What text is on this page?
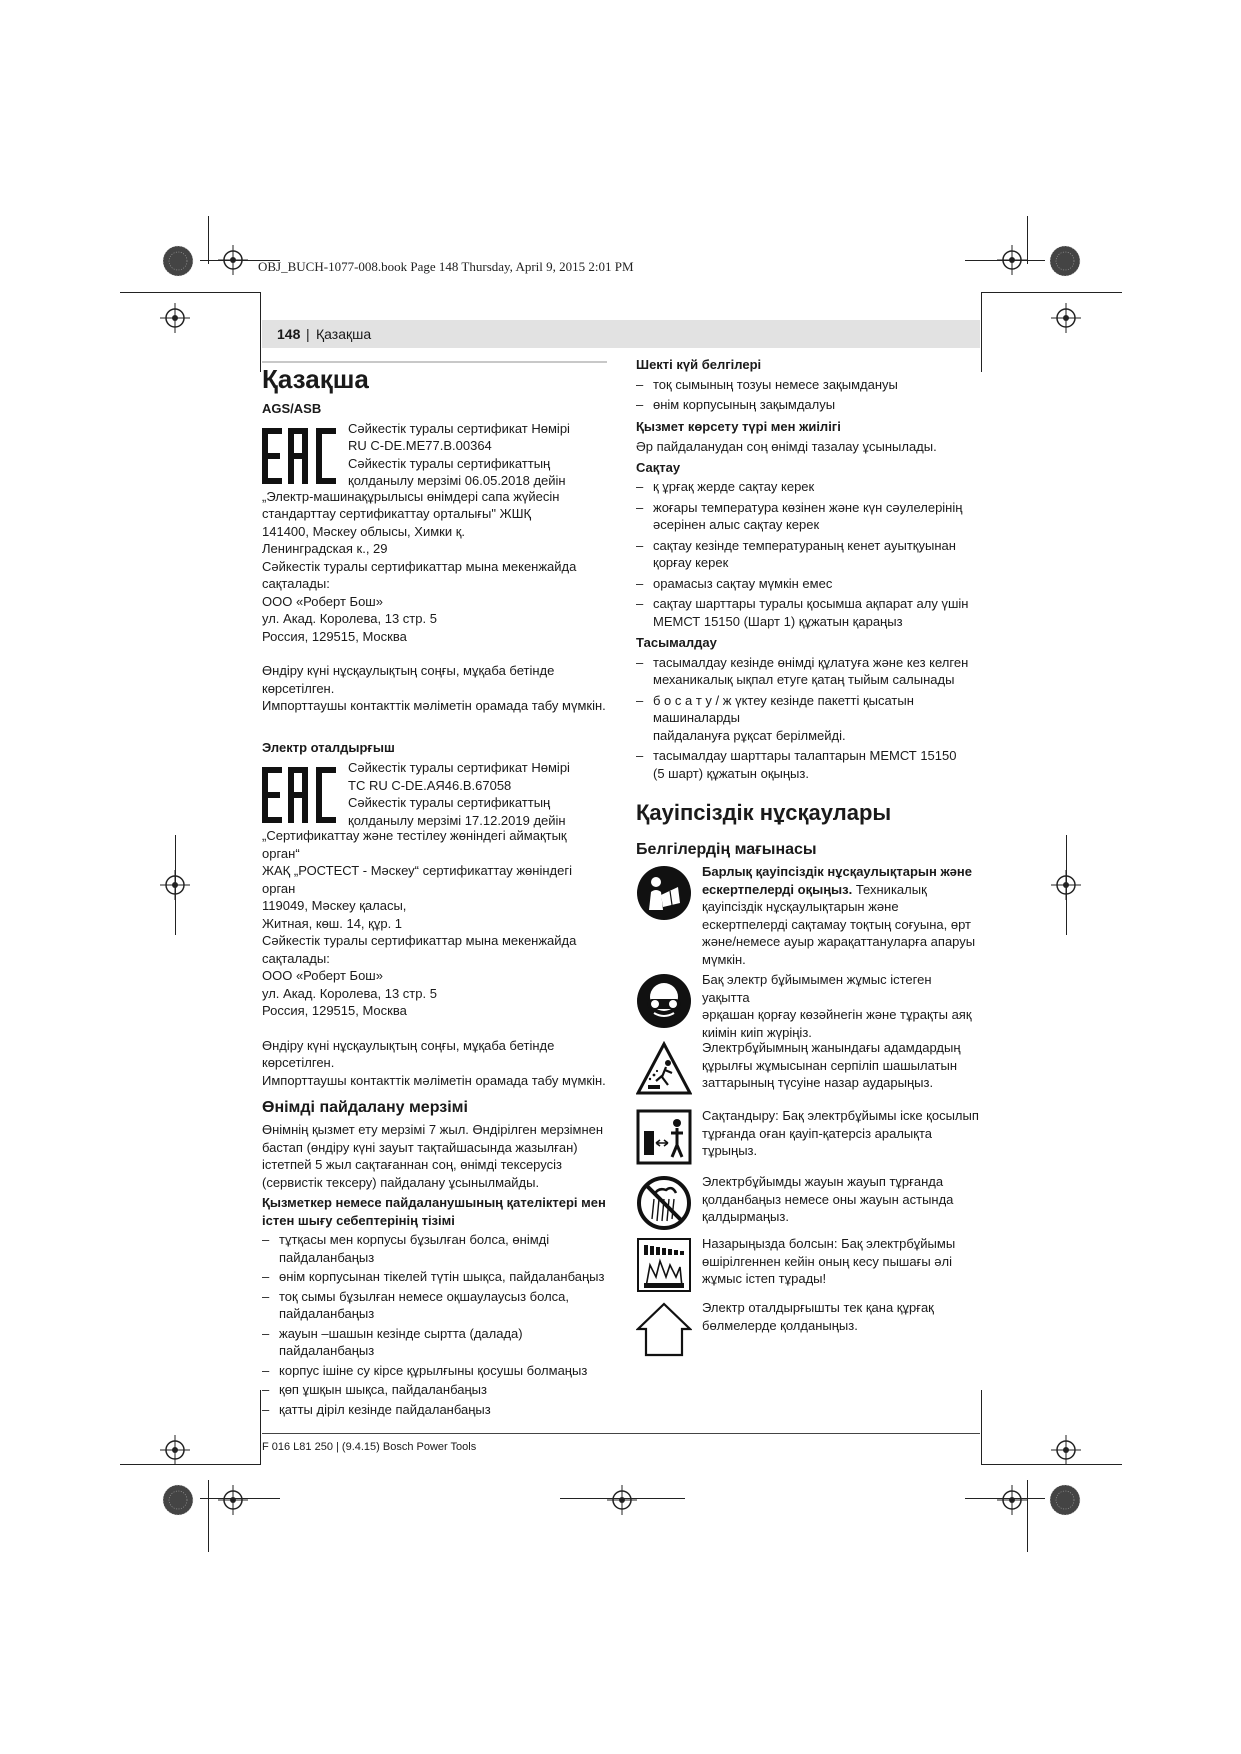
OBJ_BUCH-1077-008.book Page 148 Thursday, April 9, 2015 2:01 PM
148 | Қазақша
Қазақша

AGS/ASB

Сәйкестік туралы сертификат Нөмірі

RU C-DE.ME77.B.00364

Сәйкестік туралы сертификаттың

қолданылу мерзімі 06.05.2018 дейін

„Электр-машинақұрылысы өнімдері сапа жүйесін

стандарттау сертификаттау орталығы" ЖШҚ

141400, Мәскеу облысы, Химки қ.

Ленинградская к., 29

Сәйкестік туралы сертификаттар мына мекенжайда

сақталады:

ООО «Роберт Бош»

ул. Акад. Королева, 13 стр. 5

Россия, 129515, Москва

Өндіру күні нұсқаулықтың соңғы, мұқаба бетінде

көрсетілген.

Импорттаушы контакттік мәліметін орамада табу мүмкін.

Электр оталдырғыш

Сәйкестік туралы сертификат Нөмірі

TC RU C-DE.AЯ46.B.67058

Сәйкестік туралы сертификаттың

қолданылу мерзімі 17.12.2019 дейін

„Сертификаттау және тестілеу жөніндегі аймақтық орган“

ЖАҚ „РОСТЕСТ - Мәскеу“ сертификаттау жөніндегі орган

119049, Мәскеу қаласы,

Житная, көш. 14, құр. 1

Сәйкестік туралы сертификаттар мына мекенжайда

сақталады:

ООО «Роберт Бош»

ул. Акад. Королева, 13 стр. 5

Россия, 129515, Москва

Өндіру күні нұсқаулықтың соңғы, мұқаба бетінде

көрсетілген.

Импорттаушы контакттік мәліметін орамада табу мүмкін.

Өнімді пайдалану мерзімі

Өнімнің қызмет ету мерзімі 7 жыл. Өндірілген мерзімнен

бастап (өндіру күні зауыт тақтайшасында жазылған)

істетпей 5 жыл сақтағаннан соң, өнімді тексерусіз

(сервистік тексеру) пайдалану ұсынылмайды.

Қызметкер немесе пайдаланушының қателіктері мен

істен шығу себептерінің тізімі

– тұтқасы мен корпусы бұзылған болса, өнімді
пайдаланбаңыз
– өнім корпусынан тікелей түтін шықса, пайдаланбаңыз
– тоқ сымы бұзылған немесе оқшаулаусыз болса,
пайдаланбаңыз
– жауын –шашын кезінде сыртта (далада)
пайдаланбаңыз
– корпус ішіне су кірсе құрылғыны қосушы болмаңыз
– қөп ұшқын шықса, пайдаланбаңыз
– қатты діріл кезінде пайдаланбаңыз

Шекті күй белгілері

– тоқ сымының тозуы немесе зақымдануы
– өнім корпусының зақымдалуы

Қызмет көрсету түрі мен жиілігі

Әр пайдаланудан соң өнімді тазалау ұсынылады.

Сақтау

– қ ұрғақ жерде сақтау керек
– жоғары температура көзінен және күн сәулелерінің
әсерінен алыс сақтау керек
– сақтау кезінде температураның кенет ауытқуынан
қорғау керек
– орамасыз сақтау мүмкін емес
– сақтау шарттары туралы қосымша ақпарат алу үшін
МЕМСТ 15150 (Шарт 1) құжатын қараңыз

Тасымалдау

– тасымалдау кезінде өнімді құлатуға және кез келген
механикалық ықпал етуге қатаң тыйым салынады
– б о с а т у / ж үктеу кезінде пакетті қысатын машиналарды
пайдалануға рұқсат берілмейді.
– тасымалдау шарттары талаптарын МЕМСТ 15150
(5 шарт) құжатын оқыңыз.
Қауіпсіздік нұсқаулары
Белгілердің мағынасы

Барлық қауіпсіздік нұсқаулықтарын және

ескертпелерді оқыңыз. Техникалық

қауіпсіздік нұсқаулықтарын және

ескертпелерді сақтамау тоқтың соғуына, өрт

және/немесе ауыр жарақаттануларға апаруы

мүмкін.

Бақ электр бұйымымен жұмыс істеген уақытта

әрқашан қорғау көзәйнегін және тұрақты аяқ

киімін киіп жүріңіз.

Электрбұйымның жанындағы адамдардың

құрылғы жұмысынан серпіліп шашылатын

заттарының түсуіне назар аударыңыз.

Сақтандыру: Бақ электрбұйымы іске қосылып

тұрғанда оған қауіп-қатерсіз аралықта

тұрыңыз.

Электрбұйымды жауын жауып тұрғанда

қолданбаңыз немесе оны жауын астында

қалдырмаңыз.

Назарыңызда болсын: Бақ электрбұйымы

өшірілгеннен кейін оның кесу пышағы әлі

жұмыс істеп тұрады!

Электр оталдырғышты тек қана құрғақ

бөлмелерде қолданыңыз.

F 016 L81 250 | (9.4.15) Bosch Power Tools
